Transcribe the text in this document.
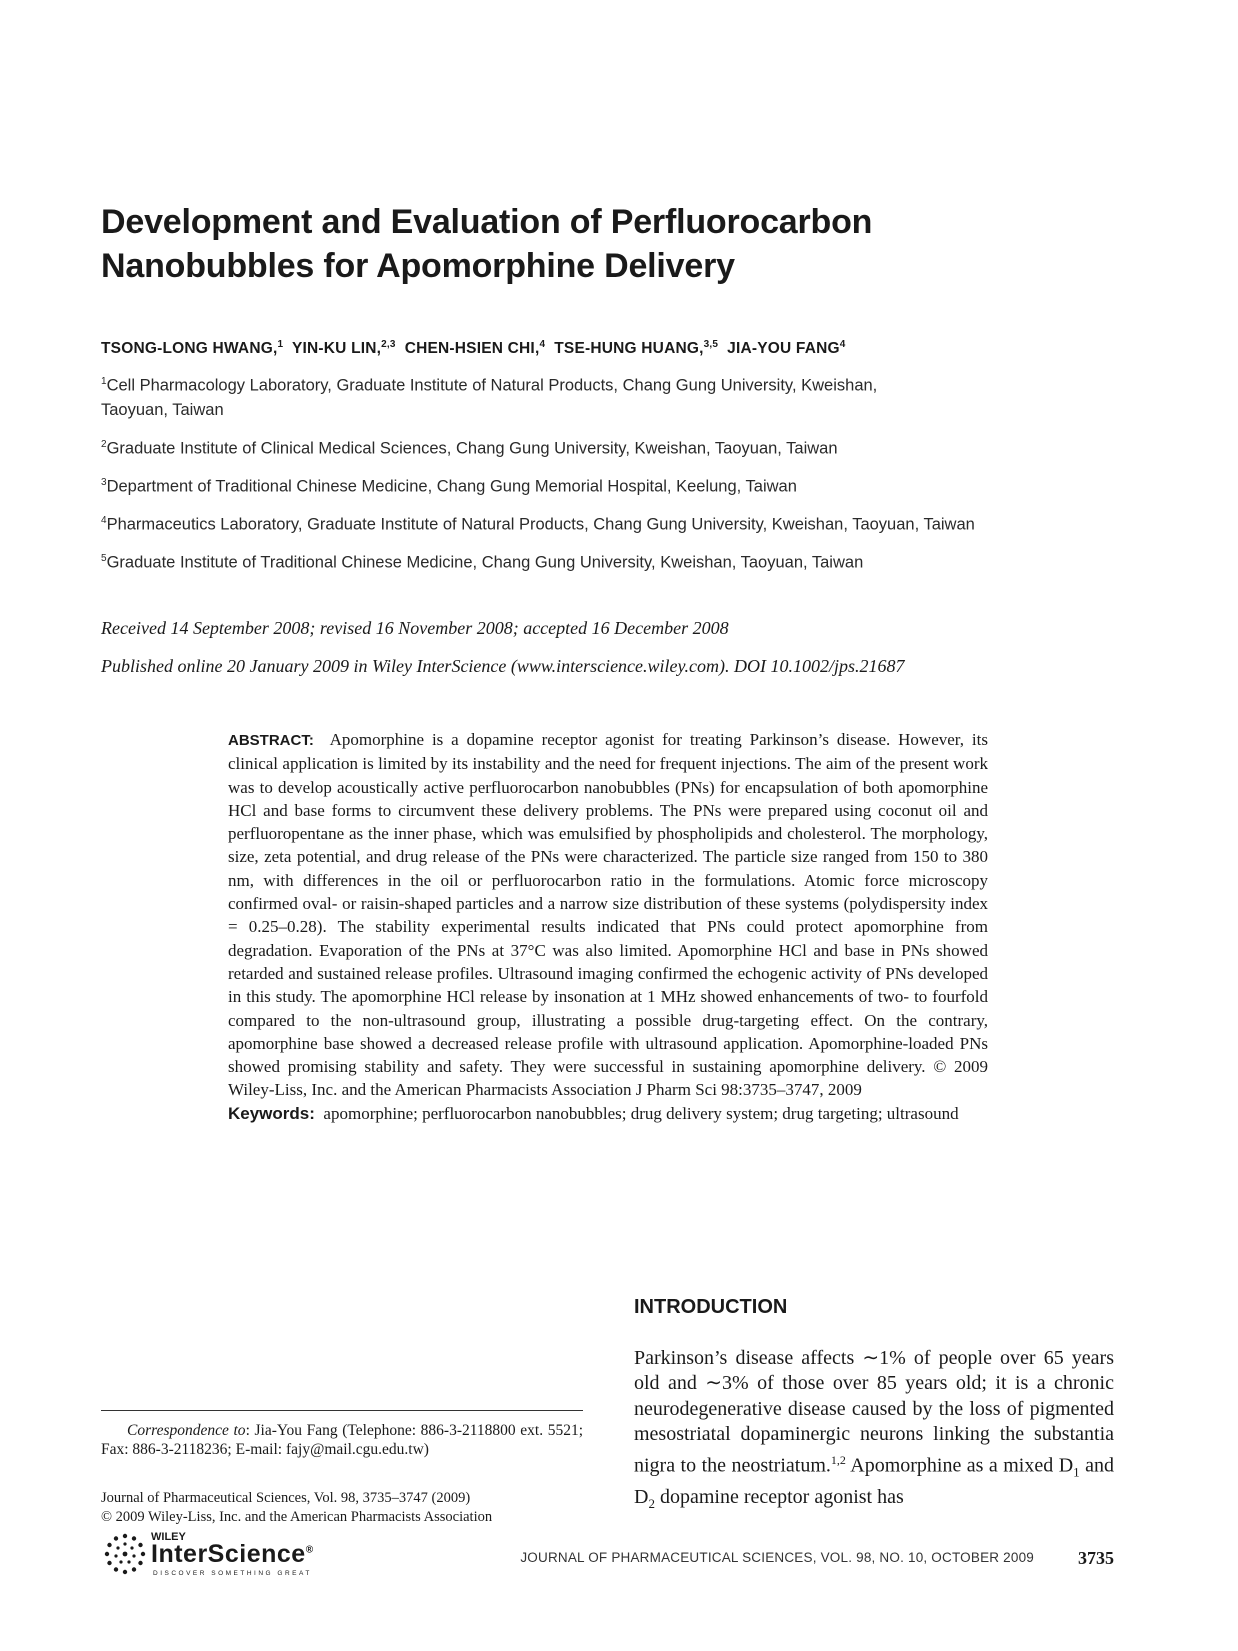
Development and Evaluation of Perfluorocarbon
Nanobubbles for Apomorphine Delivery
TSONG-LONG HWANG,$^1$ YIN-KU LIN,$^{2,3}$ CHEN-HSIEN CHI,$^4$ TSE-HUNG HUANG,$^{3,5}$ JIA-YOU FANG$^4$
$^1$Cell Pharmacology Laboratory, Graduate Institute of Natural Products, Chang Gung University, Kweishan,
Taoyuan, Taiwan
$^2$Graduate Institute of Clinical Medical Sciences, Chang Gung University, Kweishan, Taoyuan, Taiwan
$^3$Department of Traditional Chinese Medicine, Chang Gung Memorial Hospital, Keelung, Taiwan
$^4$Pharmaceutics Laboratory, Graduate Institute of Natural Products, Chang Gung University, Kweishan, Taoyuan, Taiwan
$^5$Graduate Institute of Traditional Chinese Medicine, Chang Gung University, Kweishan, Taoyuan, Taiwan
Received 14 September 2008; revised 16 November 2008; accepted 16 December 2008
Published online 20 January 2009 in Wiley InterScience (www.interscience.wiley.com). DOI 10.1002/jps.21687

ABSTRACT: Apomorphine is a dopamine receptor agonist for treating Parkinson’s disease. However, its clinical application is limited by its instability and the need for frequent injections. The aim of the present work was to develop acoustically active perfluorocarbon nanobubbles (PNs) for encapsulation of both apomorphine HCl and base forms to circumvent these delivery problems. The PNs were prepared using coconut oil and perfluoropentane as the inner phase, which was emulsified by phospholipids and cholesterol. The morphology, size, zeta potential, and drug release of the PNs were characterized. The particle size ranged from 150 to 380 nm, with differences in the oil or perfluorocarbon ratio in the formulations. Atomic force microscopy confirmed oval- or raisin-shaped particles and a narrow size distribution of these systems (polydispersity index = 0.25–0.28). The stability experimental results indicated that PNs could protect apomorphine from degradation. Evaporation of the PNs at 37°C was also limited. Apomorphine HCl and base in PNs showed retarded and sustained release profiles. Ultrasound imaging confirmed the echogenic activity of PNs developed in this study. The apomorphine HCl release by insonation at 1 MHz showed enhancements of two- to fourfold compared to the non-ultrasound group, illustrating a possible drug-targeting effect. On the contrary, apomorphine base showed a decreased release profile with ultrasound application. Apomorphine-loaded PNs showed promising stability and safety. They were successful in sustaining apomorphine delivery. © 2009 Wiley-Liss, Inc. and the American Pharmacists Association J Pharm Sci 98:3735–3747, 2009

Keywords: apomorphine; perfluorocarbon nanobubbles; drug delivery system; drug targeting; ultrasound

INTRODUCTION

Parkinson’s disease affects ∼1% of people over 65 years old and ∼3% of those over 85 years old; it is a chronic neurodegenerative disease caused by the loss of pigmented mesostriatal dopaminergic neurons linking the substantia nigra to the neostriatum.$^{1,2}$ Apomorphine as a mixed $D_1$ and $D_2$ dopamine receptor agonist has

Correspondence to: Jia-You Fang (Telephone: 886-3-2118800 ext. 5521; Fax: 886-3-2118236; E-mail: fajy@mail.cgu.edu.tw)

Journal of Pharmaceutical Sciences, Vol. 98, 3735–3747 (2009)
© 2009 Wiley-Liss, Inc. and the American Pharmacists Association

WILEY
InterScience®
DISCOVER SOMETHING GREAT
JOURNAL OF PHARMACEUTICAL SCIENCES, VOL. 98, NO. 10, OCTOBER 2009 3735
